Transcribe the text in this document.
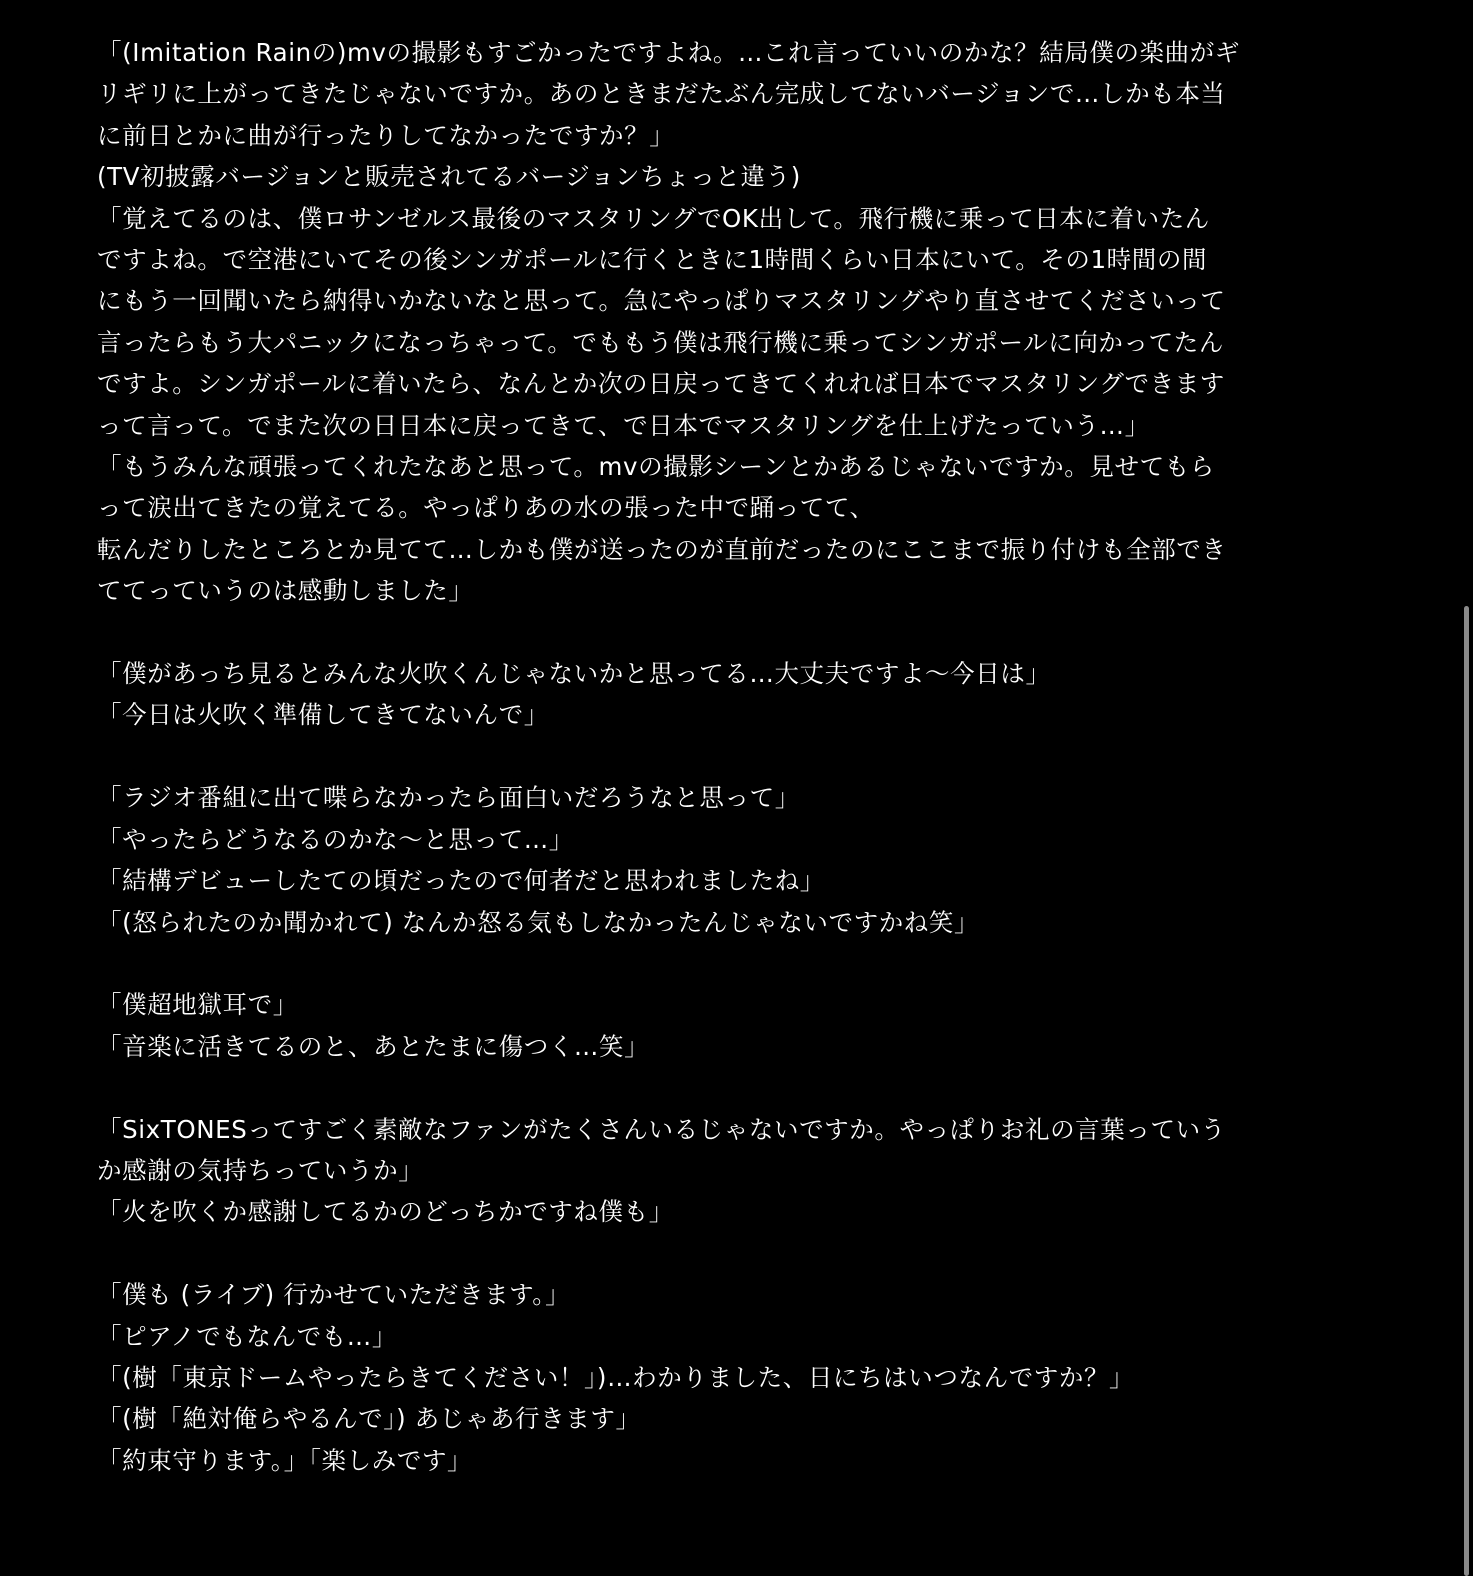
「(Imitation Rainの)mvの撮影もすごかったですよね。…これ言っていいのかな？結局僕の楽曲がギ

リギリに上がってきたじゃないですか。あのときまだたぶん完成してないバージョンで…しかも本当

に前日とかに曲が行ったりしてなかったですか？」

(TV初披露バージョンと販売されてるバージョンちょっと違う)

「覚えてるのは、僕ロサンゼルス最後のマスタリングでOK出して。飛行機に乗って日本に着いたん

ですよね。で空港にいてその後シンガポールに行くときに1時間くらい日本にいて。その1時間の間

にもう一回聞いたら納得いかないなと思って。急にやっぱりマスタリングやり直させてくださいって

言ったらもう大パニックになっちゃって。でももう僕は飛行機に乗ってシンガポールに向かってたん

ですよ。シンガポールに着いたら、なんとか次の日戻ってきてくれれば日本でマスタリングできます

って言って。でまた次の日日本に戻ってきて、で日本でマスタリングを仕上げたっていう…」

「もうみんな頑張ってくれたなあと思って。mvの撮影シーンとかあるじゃないですか。見せてもら

って涙出てきたの覚えてる。やっぱりあの水の張った中で踊ってて、

転んだりしたところとか見てて…しかも僕が送ったのが直前だったのにここまで振り付けも全部でき

ててっていうのは感動しました」

「僕があっち見るとみんな火吹くんじゃないかと思ってる…大丈夫ですよ〜今日は」

「今日は火吹く準備してきてないんで」

「ラジオ番組に出て喋らなかったら面白いだろうなと思って」

「やったらどうなるのかな〜と思って…」

「結構デビューしたての頃だったので何者だと思われましたね」

「(怒られたのか聞かれて) なんか怒る気もしなかったんじゃないですかね笑」

「僕超地獄耳で」

「音楽に活きてるのと、あとたまに傷つく…笑」

「SixTONESってすごく素敵なファンがたくさんいるじゃないですか。やっぱりお礼の言葉っていう

か感謝の気持ちっていうか」

「火を吹くか感謝してるかのどっちかですね僕も」

「僕も (ライブ) 行かせていただきます。」

「ピアノでもなんでも…」

「(樹「東京ドームやったらきてください！」)…わかりました、日にちはいつなんですか？」

「(樹「絶対俺らやるんで」) あじゃあ行きます」

「約束守ります。」「楽しみです」
